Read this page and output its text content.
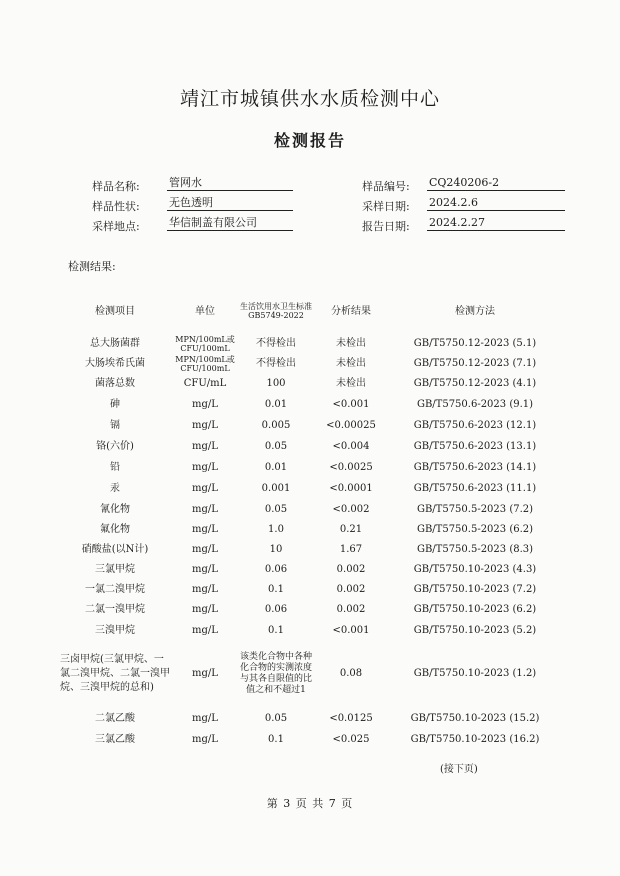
靖江市城镇供水水质检测中心
检测报告
样品名称:	管网水
样品性状:	无色透明
采样地点:	华信制盖有限公司
样品编号: CQ240206-2
采样日期: 2024.2.6
报告日期: 2024.2.27
检测结果:
检测项目	单位	生活饮用水卫生标准GB5749-2022	分析结果	检测方法
总大肠菌群	MPN/100mL或CFU/100mL	不得检出	未检出	GB/T5750.12-2023 (5.1)
大肠埃希氏菌	MPN/100mL或CFU/100mL	不得检出	未检出	GB/T5750.12-2023 (7.1)
菌落总数	CFU/mL	100	未检出	GB/T5750.12-2023 (4.1)
砷	mg/L	0.01	<0.001	GB/T5750.6-2023 (9.1)
镉	mg/L	0.005	<0.00025	GB/T5750.6-2023 (12.1)
铬(六价)	mg/L	0.05	<0.004	GB/T5750.6-2023 (13.1)
铅	mg/L	0.01	<0.0025	GB/T5750.6-2023 (14.1)
汞	mg/L	0.001	<0.0001	GB/T5750.6-2023 (11.1)
氰化物	mg/L	0.05	<0.002	GB/T5750.5-2023 (7.2)
氟化物	mg/L	1.0	0.21	GB/T5750.5-2023 (6.2)
硝酸盐(以N计)	mg/L	10	1.67	GB/T5750.5-2023 (8.3)
三氯甲烷	mg/L	0.06	0.002	GB/T5750.10-2023 (4.3)
一氯二溴甲烷	mg/L	0.1	0.002	GB/T5750.10-2023 (7.2)
二氯一溴甲烷	mg/L	0.06	0.002	GB/T5750.10-2023 (6.2)
三溴甲烷	mg/L	0.1	<0.001	GB/T5750.10-2023 (5.2)
三卤甲烷(三氯甲烷、一氯二溴甲烷、二氯一溴甲烷、三溴甲烷的总和)	mg/L	该类化合物中各种化合物的实测浓度与其各自限值的比值之和不超过1	0.08	GB/T5750.10-2023 (1.2)
二氯乙酸	mg/L	0.05	<0.0125	GB/T5750.10-2023 (15.2)
三氯乙酸	mg/L	0.1	<0.025	GB/T5750.10-2023 (16.2)
(接下页)
第 3 页 共 7 页
